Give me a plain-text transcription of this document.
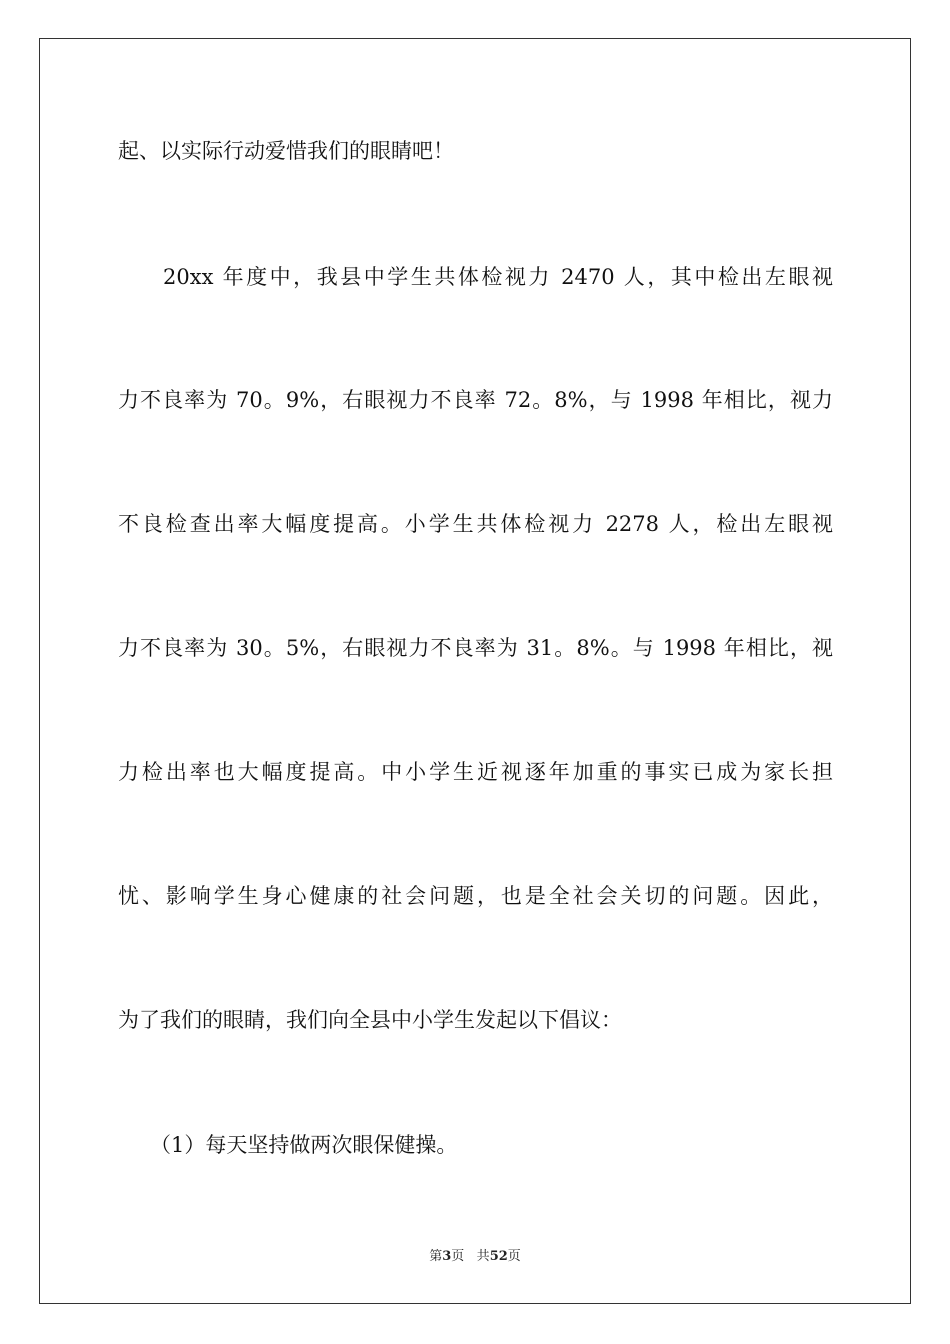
起、以实际行动爱惜我们的眼睛吧！
20xx 年度中，我县中学生共体检视力 2470 人，其中检出左眼视
力不良率为 70。9%，右眼视力不良率 72。8%，与 1998 年相比，视力
不良检查出率大幅度提高。小学生共体检视力 2278 人，检出左眼视
力不良率为 30。5%，右眼视力不良率为 31。8%。与 1998 年相比，视
力检出率也大幅度提高。中小学生近视逐年加重的事实已成为家长担
忧、影响学生身心健康的社会问题，也是全社会关切的问题。因此，
为了我们的眼睛，我们向全县中小学生发起以下倡议：
（1）每天坚持做两次眼保健操。
第3页 共52页
